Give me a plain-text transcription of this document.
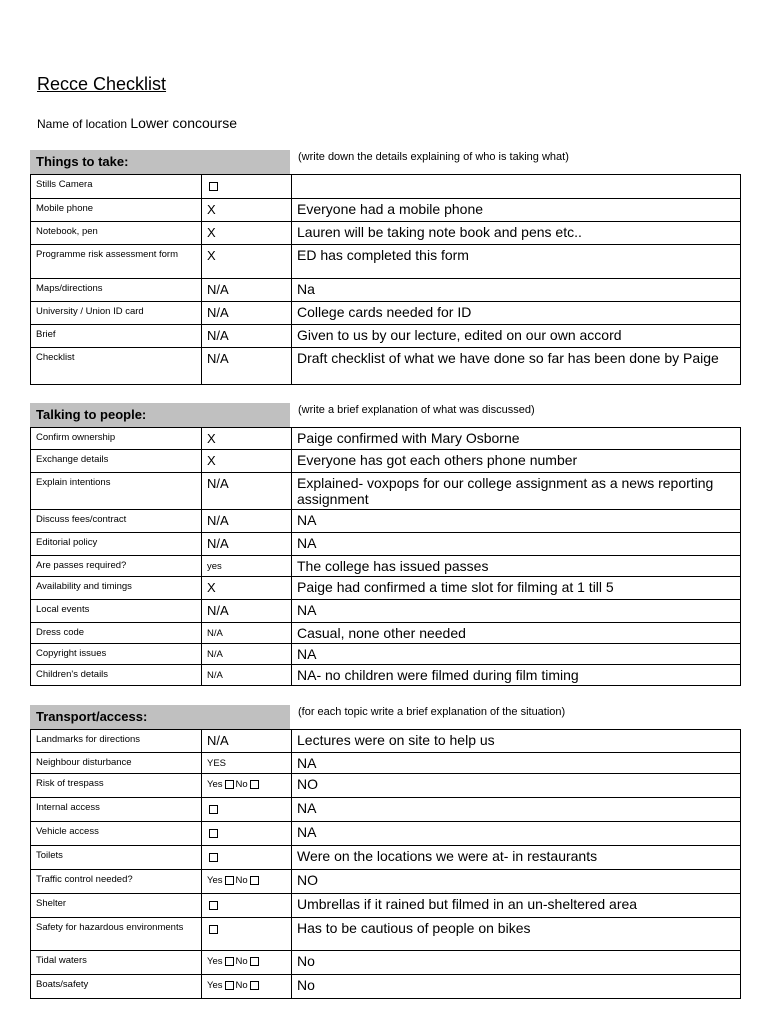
Recce Checklist
Name of location Lower concourse
Things to take:	(write down the details explaining of who is taking what)
Stills Camera		
Mobile phone	X	Everyone had a mobile phone
Notebook, pen	X	Lauren will be taking note book and pens etc..
Programme risk assessment form	X	ED has completed this form
Maps/directions	N/A	Na
University / Union ID card	N/A	College cards needed for ID
Brief	N/A	Given to us by our lecture, edited on our own accord
Checklist	N/A	Draft checklist of what we have done so far has been done by Paige
Talking to people:	(write a brief explanation of what was discussed)
Confirm ownership	X	Paige confirmed with Mary Osborne
Exchange details	X	Everyone has got each others phone number
Explain intentions	N/A	Explained- voxpops for our college assignment as a news reporting assignment
Discuss fees/contract	N/A	NA
Editorial policy	N/A	NA
Are passes required?	yes	The college has issued passes
Availability and timings	X	Paige had confirmed a time slot for filming at 1 till 5
Local events	N/A	NA
Dress code	N/A	Casual, none other needed
Copyright issues	N/A	NA
Children's details	N/A	NA- no children were filmed during film timing
Transport/access:	(for each topic write a brief explanation of the situation)
Landmarks for directions	N/A	Lectures were on site to help us
Neighbour disturbance	YES	NA
Risk of trespass	Yes No	NO
Internal access		NA
Vehicle access		NA
Toilets		Were on the locations we were at- in restaurants
Traffic control needed?	Yes No	NO
Shelter		Umbrellas if it rained but filmed in an un-sheltered area
Safety for hazardous environments		Has to be cautious of people on bikes
Tidal waters	Yes No	No
Boats/safety	Yes No	No
